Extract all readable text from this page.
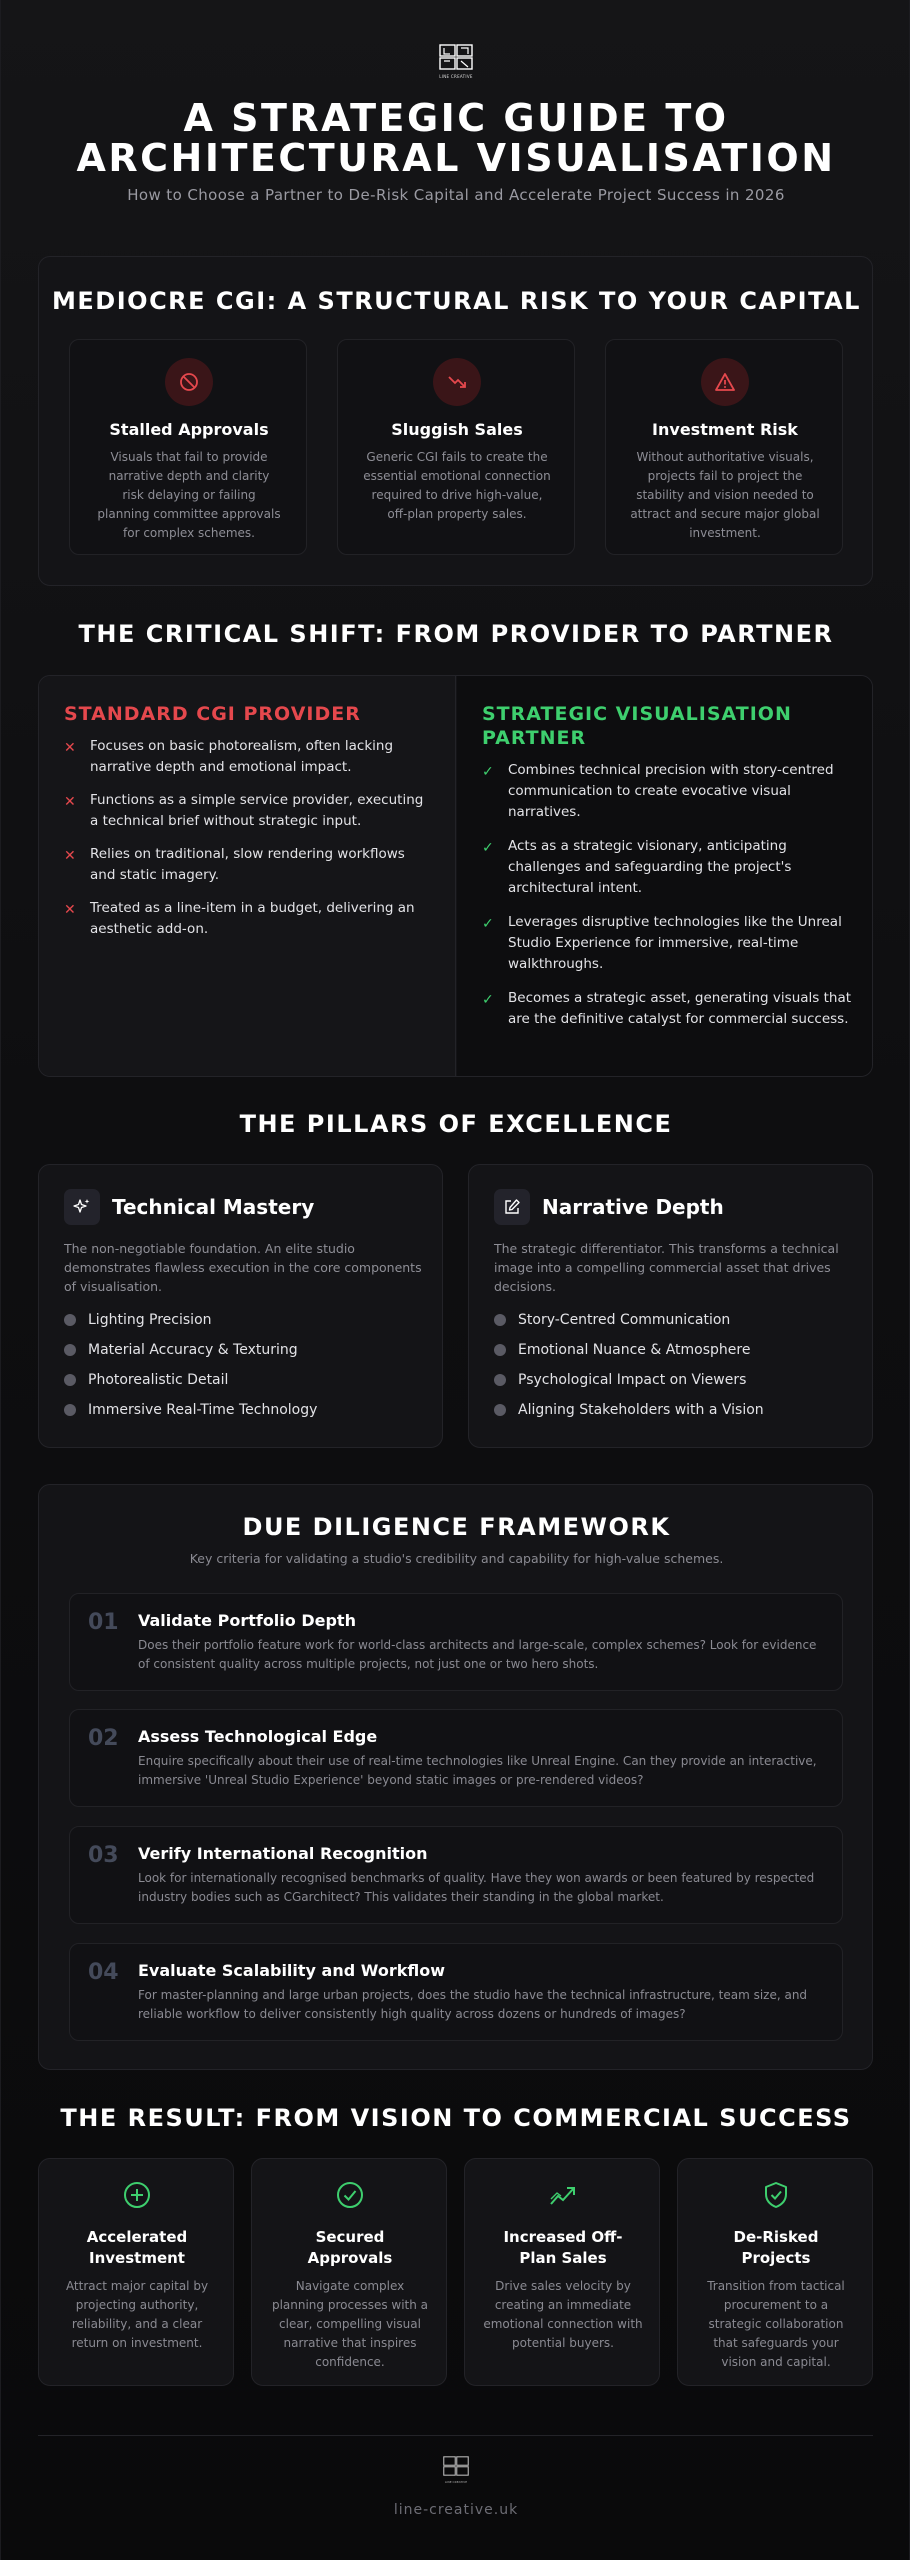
LINE CREATIVE
A STRATEGIC GUIDE TO
ARCHITECTURAL VISUALISATION
How to Choose a Partner to De-Risk Capital and Accelerate Project Success in 2026
MEDIOCRE CGI: A STRUCTURAL RISK TO YOUR CAPITAL
Stalled Approvals
Visuals that fail to provide narrative depth and clarity risk delaying or failing planning committee approvals for complex schemes.
Sluggish Sales
Generic CGI fails to create the essential emotional connection required to drive high-value, off-plan property sales.
Investment Risk
Without authoritative visuals, projects fail to project the stability and vision needed to attract and secure major global investment.
THE CRITICAL SHIFT: FROM PROVIDER TO PARTNER
STANDARD CGI PROVIDER
✕	Focuses on basic photorealism, often lacking narrative depth and emotional impact.
✕	Functions as a simple service provider, executing a technical brief without strategic input.
✕	Relies on traditional, slow rendering workflows and static imagery.
✕	Treated as a line-item in a budget, delivering an aesthetic add-on.
STRATEGIC VISUALISATION
PARTNER
✓	Combines technical precision with story-centred communication to create evocative visual narratives.
✓	Acts as a strategic visionary, anticipating challenges and safeguarding the project's architectural intent.
✓	Leverages disruptive technologies like the Unreal Studio Experience for immersive, real-time walkthroughs.
✓	Becomes a strategic asset, generating visuals that are the definitive catalyst for commercial success.
THE PILLARS OF EXCELLENCE
Technical Mastery
The non-negotiable foundation. An elite studio demonstrates flawless execution in the core components of visualisation.
Lighting Precision
Material Accuracy & Texturing
Photorealistic Detail
Immersive Real-Time Technology
Narrative Depth
The strategic differentiator. This transforms a technical image into a compelling commercial asset that drives decisions.
Story-Centred Communication
Emotional Nuance & Atmosphere
Psychological Impact on Viewers
Aligning Stakeholders with a Vision
DUE DILIGENCE FRAMEWORK
Key criteria for validating a studio's credibility and capability for high-value schemes.
01 Validate Portfolio Depth
Does their portfolio feature work for world-class architects and large-scale, complex schemes? Look for evidence of consistent quality across multiple projects, not just one or two hero shots.
02 Assess Technological Edge
Enquire specifically about their use of real-time technologies like Unreal Engine. Can they provide an interactive, immersive 'Unreal Studio Experience' beyond static images or pre-rendered videos?
03 Verify International Recognition
Look for internationally recognised benchmarks of quality. Have they won awards or been featured by respected industry bodies such as CGarchitect? This validates their standing in the global market.
04 Evaluate Scalability and Workflow
For master-planning and large urban projects, does the studio have the technical infrastructure, team size, and reliable workflow to deliver consistently high quality across dozens or hundreds of images?
THE RESULT: FROM VISION TO COMMERCIAL SUCCESS
Accelerated
Investment
Attract major capital by projecting authority, reliability, and a clear return on investment.
Secured
Approvals
Navigate complex planning processes with a clear, compelling visual narrative that inspires confidence.
Increased Off-
Plan Sales
Drive sales velocity by creating an immediate emotional connection with potential buyers.
De-Risked
Projects
Transition from tactical procurement to a strategic collaboration that safeguards your vision and capital.
LINE CREATIVE
line-creative.uk
